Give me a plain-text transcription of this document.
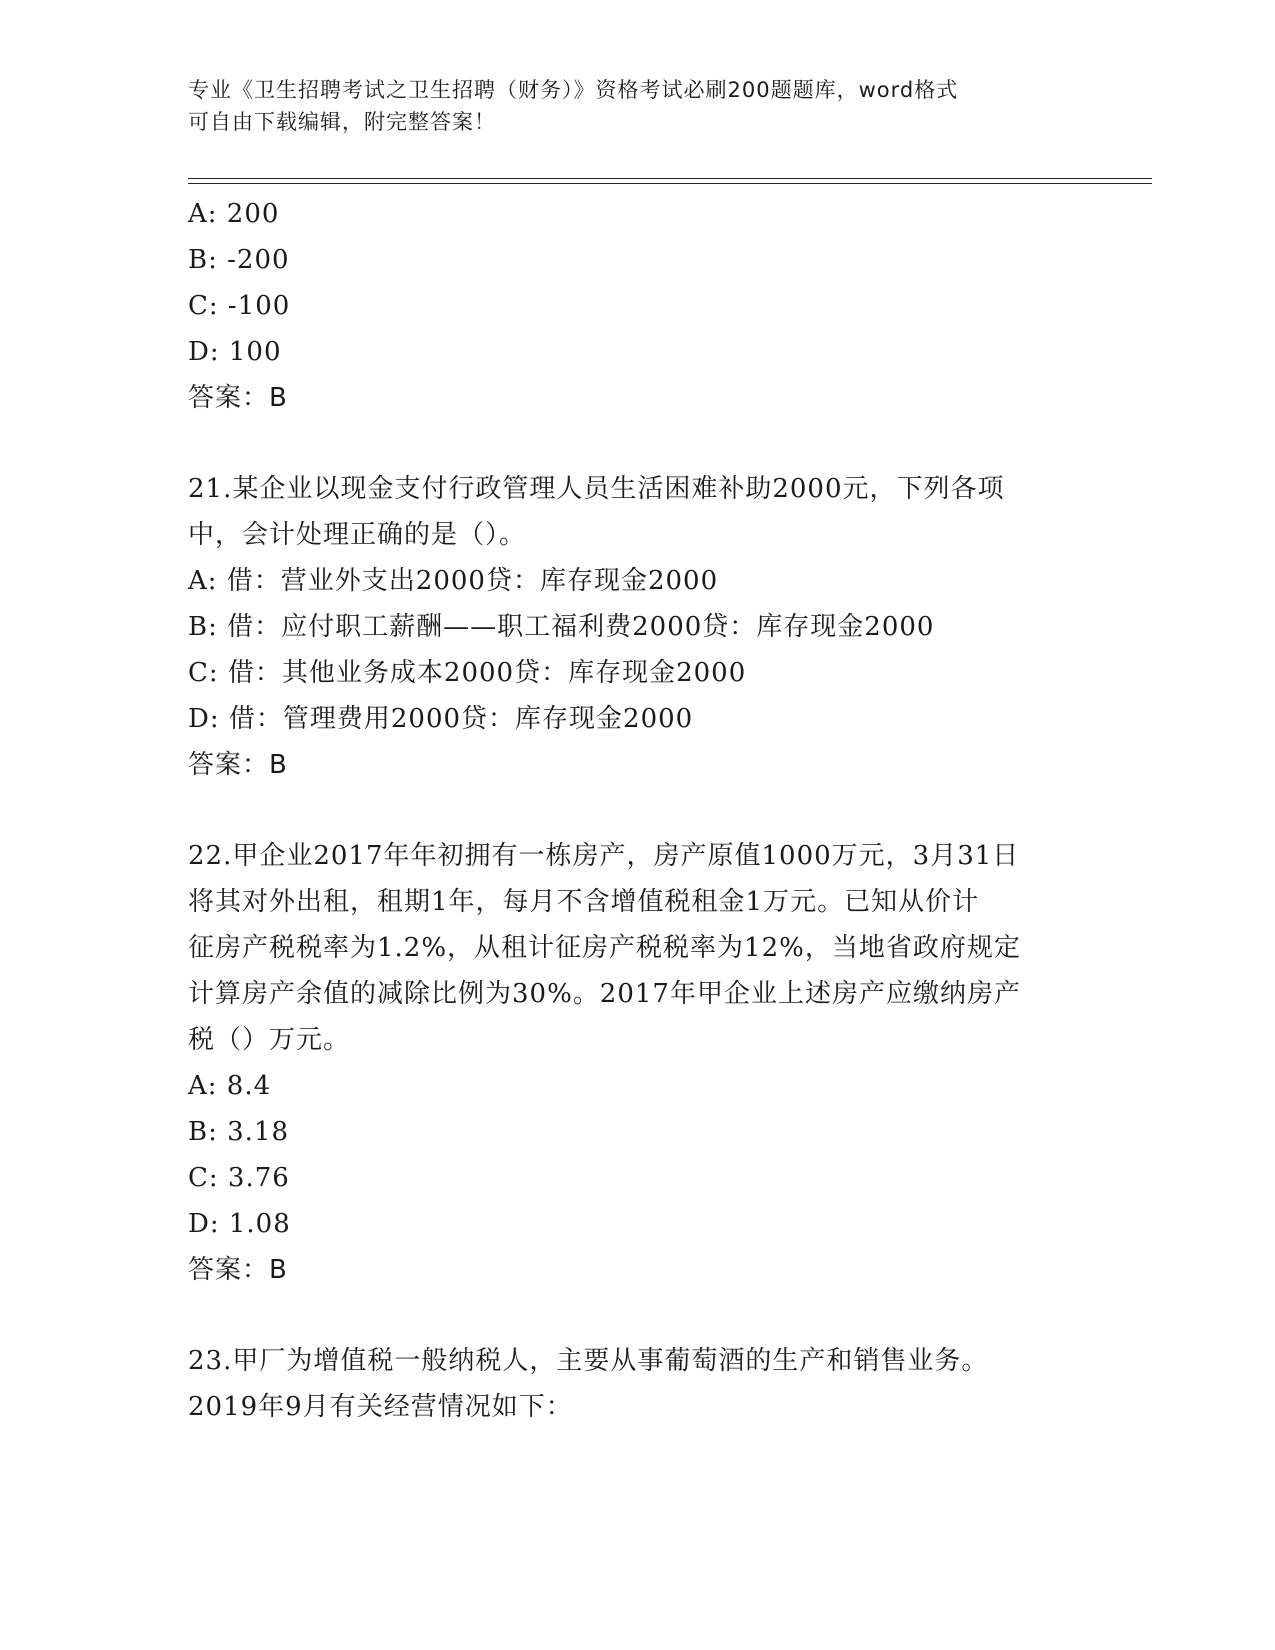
专业《卫生招聘考试之卫生招聘（财务）》资格考试必刷200题题库，word格式
可自由下载编辑，附完整答案！
A: 200
B: -200
C: -100
D: 100
答案：B
21.某企业以现金支付行政管理人员生活困难补助2000元，下列各项
中，会计处理正确的是（）。
A: 借：营业外支出2000贷：库存现金2000
B: 借：应付职工薪酬——职工福利费2000贷：库存现金2000
C: 借：其他业务成本2000贷：库存现金2000
D: 借：管理费用2000贷：库存现金2000
答案：B
22.甲企业2017年年初拥有一栋房产，房产原值1000万元，3月31日
将其对外出租，租期1年，每月不含增值税租金1万元。已知从价计
征房产税税率为1.2%，从租计征房产税税率为12%，当地省政府规定
计算房产余值的减除比例为30%。2017年甲企业上述房产应缴纳房产
税（）万元。
A: 8.4
B: 3.18
C: 3.76
D: 1.08
答案：B
23.甲厂为增值税一般纳税人，主要从事葡萄酒的生产和销售业务。
2019年9月有关经营情况如下：
